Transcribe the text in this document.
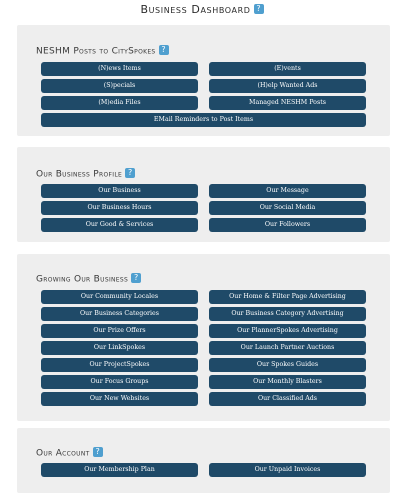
Business Dashboard ?
NESHM Posts to CitySpokes ?
(N)ews Items	(E)vents
(S)pecials	(H)elp Wanted Ads
(M)edia Files	Managed NESHM Posts
EMail Reminders to Post Items
Our Business Profile ?
Our Business	Our Message
Our Business Hours	Our Social Media
Our Good & Services	Our Followers
Growing Our Business ?
Our Community Locales	Our Home & Filter Page Advertising
Our Business Categories	Our Business Category Advertising
Our Prize Offers	Our PlannerSpokes Advertising
Our LinkSpokes	Our Launch Partner Auctions
Our ProjectSpokes	Our Spokes Guides
Our Focus Groups	Our Monthly Blasters
Our New Websites	Our Classified Ads
Our Account ?
Our Membership Plan	Our Unpaid Invoices
